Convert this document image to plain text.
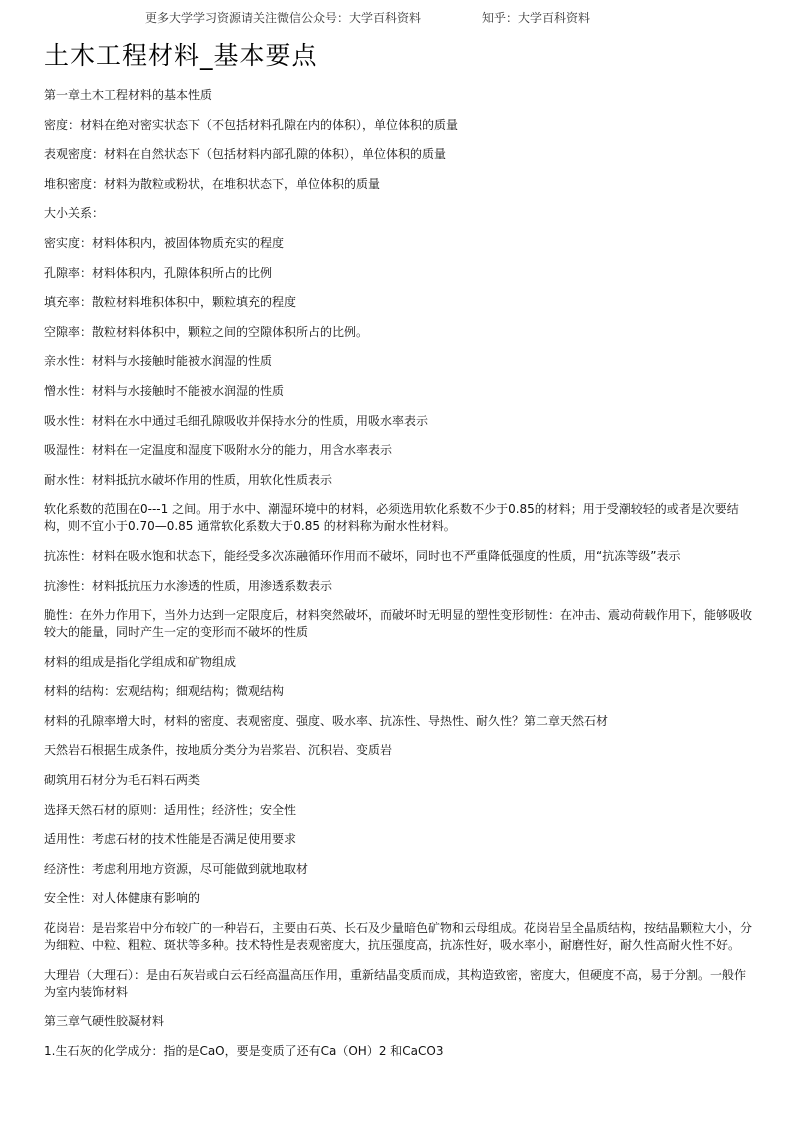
更多大学学习资源请关注微信公众号：大学百科资料	知乎：大学百科资料
土木工程材料_基本要点

第一章土木工程材料的基本性质

密度：材料在绝对密实状态下（不包括材料孔隙在内的体积），单位体积的质量

表观密度：材料在自然状态下（包括材料内部孔隙的体积），单位体积的质量

堆积密度：材料为散粒或粉状，在堆积状态下，单位体积的质量

大小关系：

密实度：材料体积内，被固体物质充实的程度

孔隙率：材料体积内，孔隙体积所占的比例

填充率：散粒材料堆积体积中，颗粒填充的程度

空隙率：散粒材料体积中，颗粒之间的空隙体积所占的比例。

亲水性：材料与水接触时能被水润湿的性质

憎水性：材料与水接触时不能被水润湿的性质

吸水性：材料在水中通过毛细孔隙吸收并保持水分的性质，用吸水率表示

吸湿性：材料在一定温度和湿度下吸附水分的能力，用含水率表示

耐水性：材料抵抗水破坏作用的性质，用软化性质表示

软化系数的范围在0---1 之间。用于水中、潮湿环境中的材料，必须选用软化系数不少于0.85的材料；用于受潮较轻的或者是次要结构，则不宜小于0.70—0.85 通常软化系数大于0.85 的材料称为耐水性材料。

抗冻性：材料在吸水饱和状态下，能经受多次冻融循环作用而不破坏，同时也不严重降低强度的性质，用“抗冻等级”表示

抗渗性：材料抵抗压力水渗透的性质，用渗透系数表示

脆性：在外力作用下，当外力达到一定限度后，材料突然破坏，而破坏时无明显的塑性变形韧性：在冲击、震动荷载作用下，能够吸收较大的能量，同时产生一定的变形而不破坏的性质

材料的组成是指化学组成和矿物组成

材料的结构：宏观结构；细观结构；微观结构

材料的孔隙率增大时，材料的密度、表观密度、强度、吸水率、抗冻性、导热性、耐久性？第二章天然石材

天然岩石根据生成条件，按地质分类分为岩浆岩、沉积岩、变质岩

砌筑用石材分为毛石料石两类

选择天然石材的原则：适用性；经济性；安全性

适用性：考虑石材的技术性能是否满足使用要求

经济性：考虑利用地方资源，尽可能做到就地取材

安全性：对人体健康有影响的

花岗岩：是岩浆岩中分布较广的一种岩石，主要由石英、长石及少量暗色矿物和云母组成。花岗岩呈全晶质结构，按结晶颗粒大小，分为细粒、中粒、粗粒、斑状等多种。技术特性是表观密度大，抗压强度高，抗冻性好，吸水率小，耐磨性好，耐久性高耐火性不好。

大理岩（大理石）：是由石灰岩或白云石经高温高压作用，重新结晶变质而成，其构造致密，密度大，但硬度不高，易于分割。一般作为室内装饰材料

第三章气硬性胶凝材料

1.生石灰的化学成分：指的是CaO，要是变质了还有Ca（OH）2 和CaCO3
